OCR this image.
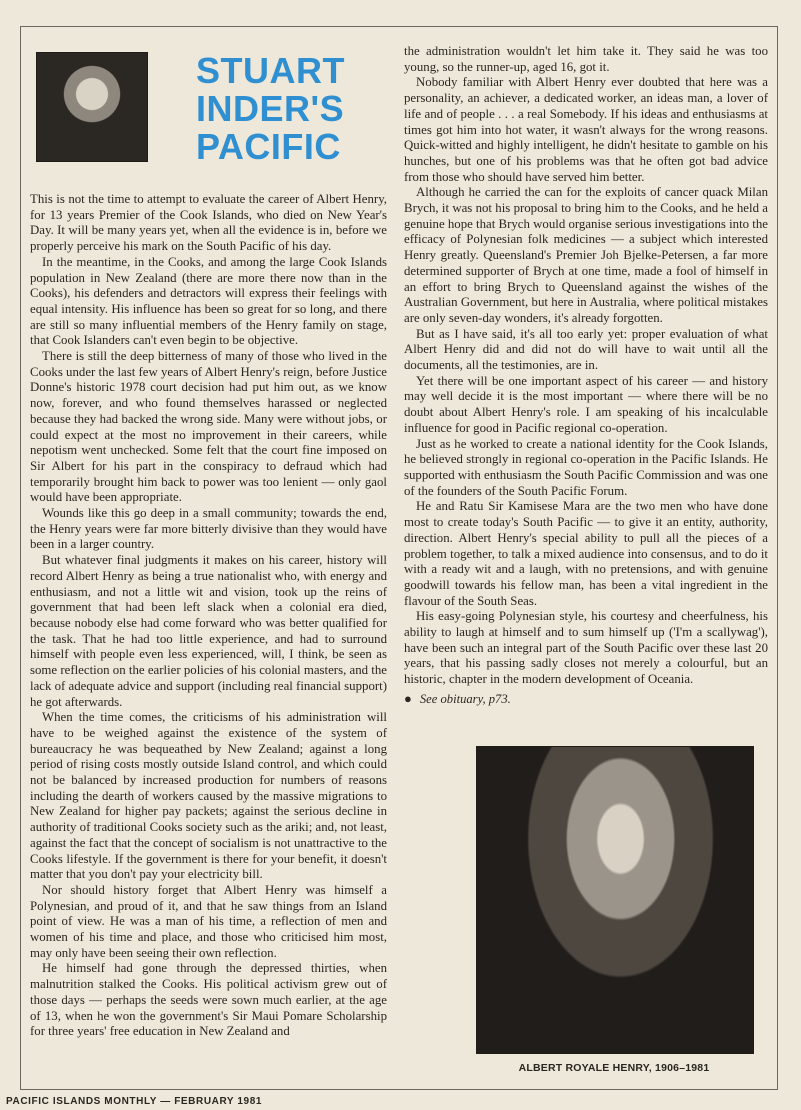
STUART
INDER'S
PACIFIC

This is not the time to attempt to evaluate the career of Albert Henry, for 13 years Premier of the Cook Islands, who died on New Year's Day. It will be many years yet, when all the evidence is in, before we properly perceive his mark on the South Pacific of his day.

In the meantime, in the Cooks, and among the large Cook Islands population in New Zealand (there are more there now than in the Cooks), his defenders and detractors will express their feelings with equal intensity. His influence has been so great for so long, and there are still so many influential members of the Henry family on stage, that Cook Islanders can't even begin to be objective.

There is still the deep bitterness of many of those who lived in the Cooks under the last few years of Albert Henry's reign, before Justice Donne's historic 1978 court decision had put him out, as we know now, forever, and who found themselves harassed or neglected because they had backed the wrong side. Many were without jobs, or could expect at the most no improvement in their careers, while nepotism went unchecked. Some felt that the court fine imposed on Sir Albert for his part in the conspiracy to defraud which had temporarily brought him back to power was too lenient — only gaol would have been appropriate.

Wounds like this go deep in a small community; towards the end, the Henry years were far more bitterly divisive than they would have been in a larger country.

But whatever final judgments it makes on his career, history will record Albert Henry as being a true nationalist who, with energy and enthusiasm, and not a little wit and vision, took up the reins of government that had been left slack when a colonial era died, because nobody else had come forward who was better qualified for the task. That he had too little experience, and had to surround himself with people even less experienced, will, I think, be seen as some reflection on the earlier policies of his colonial masters, and the lack of adequate advice and support (including real financial support) he got afterwards.

When the time comes, the criticisms of his administration will have to be weighed against the existence of the system of bureaucracy he was bequeathed by New Zealand; against a long period of rising costs mostly outside Island control, and which could not be balanced by increased production for numbers of reasons including the dearth of workers caused by the massive migrations to New Zealand for higher pay packets; against the serious decline in authority of traditional Cooks society such as the ariki; and, not least, against the fact that the concept of socialism is not unattractive to the Cooks lifestyle. If the government is there for your benefit, it doesn't matter that you don't pay your electricity bill.

Nor should history forget that Albert Henry was himself a Polynesian, and proud of it, and that he saw things from an Island point of view. He was a man of his time, a reflection of men and women of his time and place, and those who criticised him most, may only have been seeing their own reflection.

He himself had gone through the depressed thirties, when malnutrition stalked the Cooks. His political activism grew out of those days — perhaps the seeds were sown much earlier, at the age of 13, when he won the government's Sir Maui Pomare Scholarship for three years' free education in New Zealand and

the administration wouldn't let him take it. They said he was too young, so the runner-up, aged 16, got it.

Nobody familiar with Albert Henry ever doubted that here was a personality, an achiever, a dedicated worker, an ideas man, a lover of life and of people . . . a real Somebody. If his ideas and enthusiasms at times got him into hot water, it wasn't always for the wrong reasons. Quick-witted and highly intelligent, he didn't hesitate to gamble on his hunches, but one of his problems was that he often got bad advice from those who should have served him better.

Although he carried the can for the exploits of cancer quack Milan Brych, it was not his proposal to bring him to the Cooks, and he held a genuine hope that Brych would organise serious investigations into the efficacy of Polynesian folk medicines — a subject which interested Henry greatly. Queensland's Premier Joh Bjelke-Petersen, a far more determined supporter of Brych at one time, made a fool of himself in an effort to bring Brych to Queensland against the wishes of the Australian Government, but here in Australia, where political mistakes are only seven-day wonders, it's already forgotten.

But as I have said, it's all too early yet: proper evaluation of what Albert Henry did and did not do will have to wait until all the documents, all the testimonies, are in.

Yet there will be one important aspect of his career — and history may well decide it is the most important — where there will be no doubt about Albert Henry's role. I am speaking of his incalculable influence for good in Pacific regional co-operation.

Just as he worked to create a national identity for the Cook Islands, he believed strongly in regional co-operation in the Pacific Islands. He supported with enthusiasm the South Pacific Commission and was one of the founders of the South Pacific Forum.

He and Ratu Sir Kamisese Mara are the two men who have done most to create today's South Pacific — to give it an entity, authority, direction. Albert Henry's special ability to pull all the pieces of a problem together, to talk a mixed audience into consensus, and to do it with a ready wit and a laugh, with no pretensions, and with genuine goodwill towards his fellow man, has been a vital ingredient in the flavour of the South Seas.

His easy-going Polynesian style, his courtesy and cheerfulness, his ability to laugh at himself and to sum himself up ('I'm a scallywag'), have been such an integral part of the South Pacific over these last 20 years, that his passing sadly closes not merely a colourful, but an historic, chapter in the modern development of Oceania.

● See obituary, p73.
ALBERT ROYALE HENRY, 1906–1981
PACIFIC ISLANDS MONTHLY — FEBRUARY 1981
